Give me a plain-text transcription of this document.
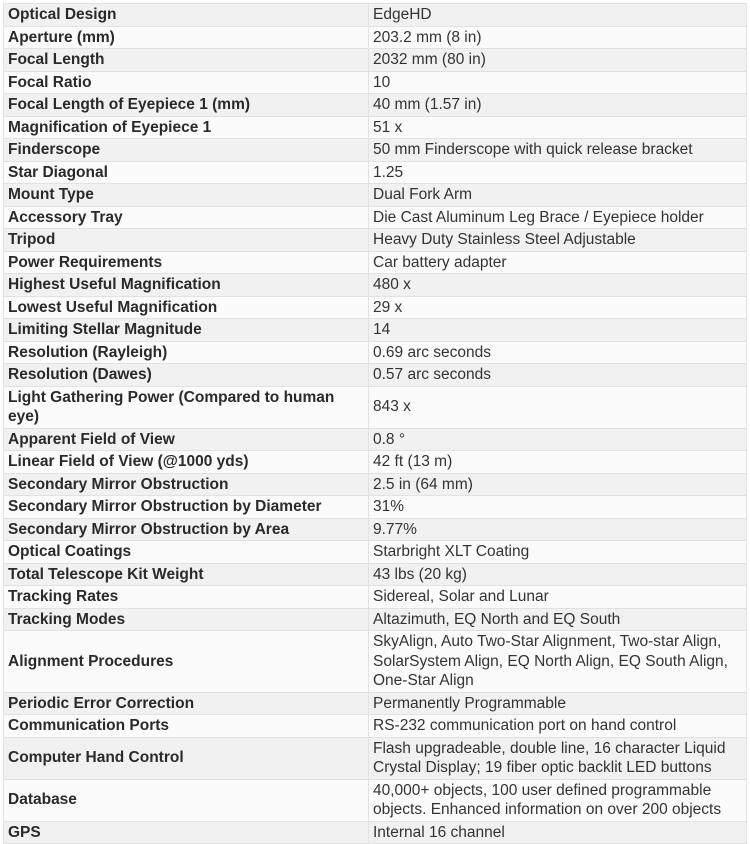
Optical Design	EdgeHD
Aperture (mm)	203.2 mm (8 in)
Focal Length	2032 mm (80 in)
Focal Ratio	10
Focal Length of Eyepiece 1 (mm)	40 mm (1.57 in)
Magnification of Eyepiece 1	51 x
Finderscope	50 mm Finderscope with quick release bracket
Star Diagonal	1.25
Mount Type	Dual Fork Arm
Accessory Tray	Die Cast Aluminum Leg Brace / Eyepiece holder
Tripod	Heavy Duty Stainless Steel Adjustable
Power Requirements	Car battery adapter
Highest Useful Magnification	480 x
Lowest Useful Magnification	29 x
Limiting Stellar Magnitude	14
Resolution (Rayleigh)	0.69 arc seconds
Resolution (Dawes)	0.57 arc seconds
Light Gathering Power (Compared to human eye)	843 x
Apparent Field of View	0.8 °
Linear Field of View (@1000 yds)	42 ft (13 m)
Secondary Mirror Obstruction	2.5 in (64 mm)
Secondary Mirror Obstruction by Diameter	31%
Secondary Mirror Obstruction by Area	9.77%
Optical Coatings	Starbright XLT Coating
Total Telescope Kit Weight	43 lbs (20 kg)
Tracking Rates	Sidereal, Solar and Lunar
Tracking Modes	Altazimuth, EQ North and EQ South
Alignment Procedures	SkyAlign, Auto Two-Star Alignment, Two-star Align, SolarSystem Align, EQ North Align, EQ South Align, One-Star Align
Periodic Error Correction	Permanently Programmable
Communication Ports	RS-232 communication port on hand control
Computer Hand Control	Flash upgradeable, double line, 16 character Liquid Crystal Display; 19 fiber optic backlit LED buttons
Database	40,000+ objects, 100 user defined programmable objects. Enhanced information on over 200 objects
GPS	Internal 16 channel
